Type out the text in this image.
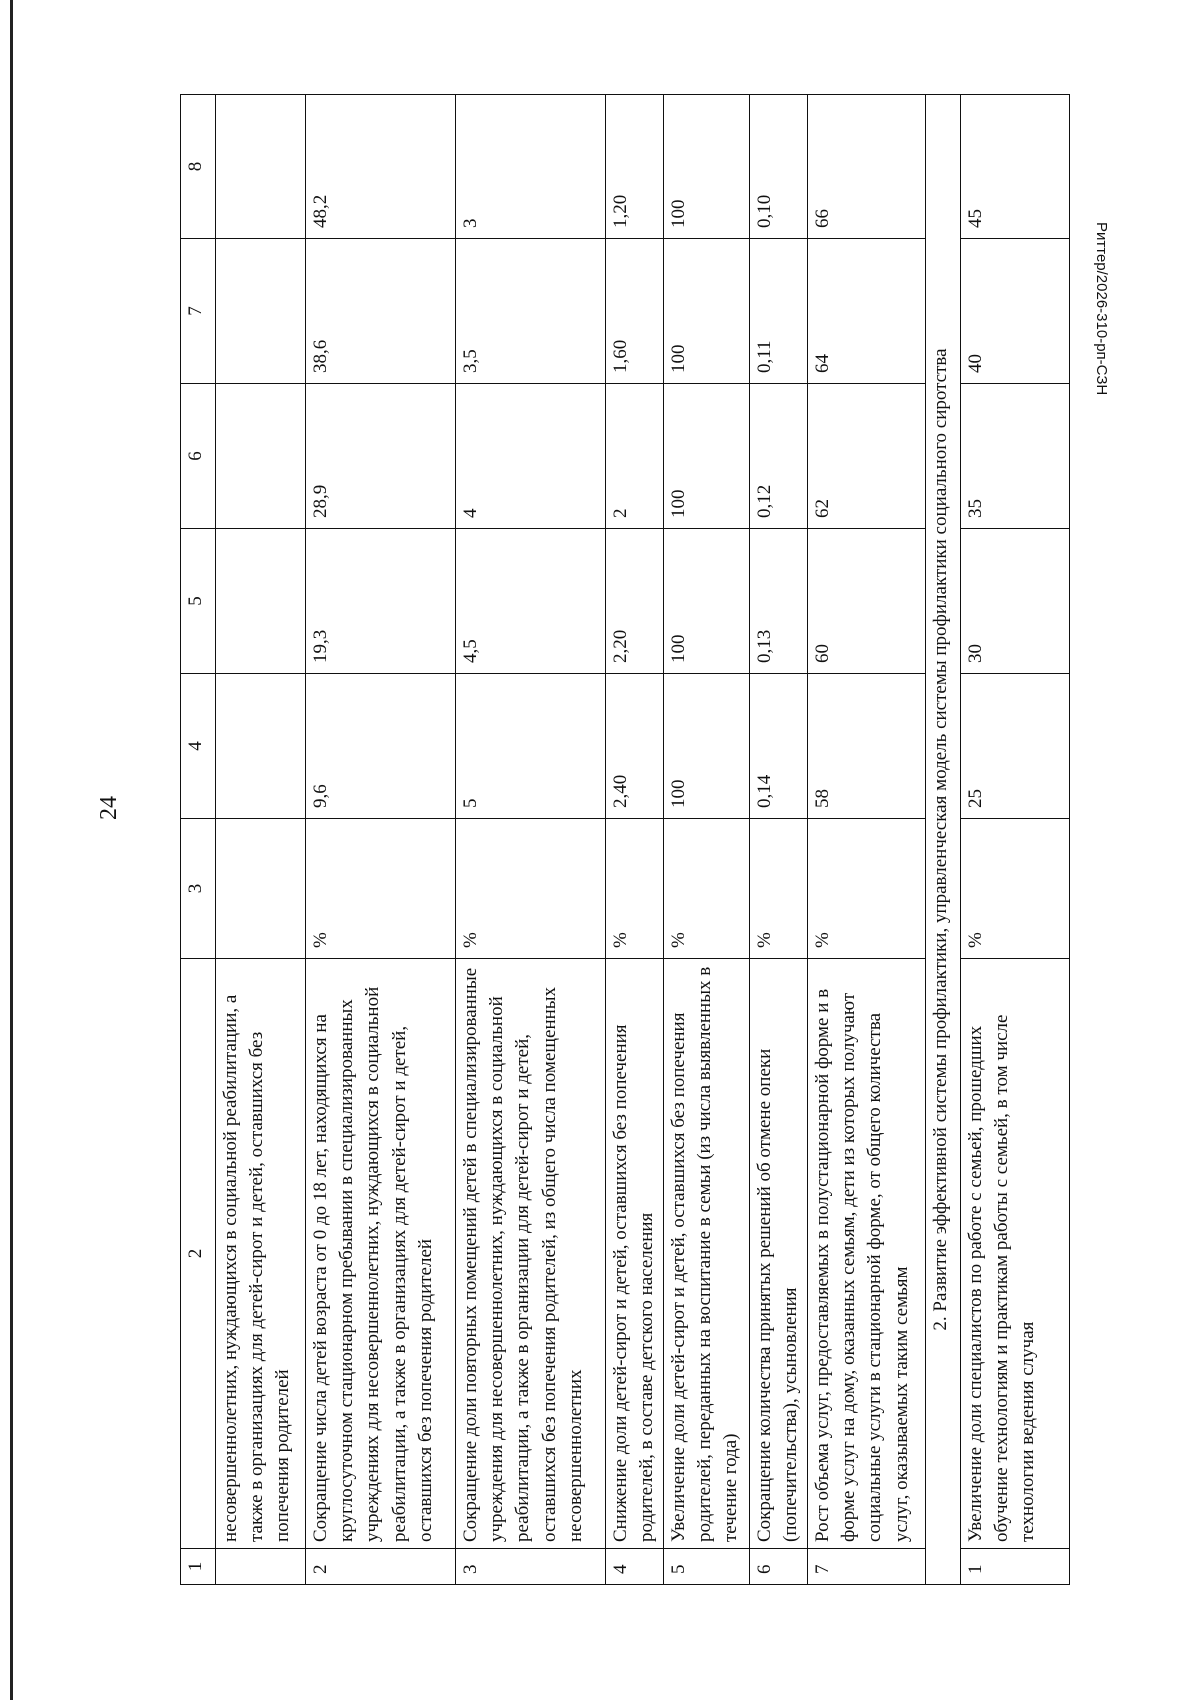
24
Риттер/2026-310-рп-СЗН
1	2	3	4	5	6	7	8
	несовершеннолетних, нуждающихся в социальной реабилитации, а также в организациях для детей-сирот и детей, оставшихся без попечения родителей						
2	Сокращение числа детей возраста от 0 до 18 лет, находящихся на круглосуточном стационарном пребывании в специализированных учреждениях для несовершеннолетних, нуждающихся в социальной реабилитации, а также в организациях для детей-сирот и детей, оставшихся без попечения родителей	%	9,6	19,3	28,9	38,6	48,2
3	Сокращение доли повторных помещений детей в специализированные учреждения для несовершеннолетних, нуждающихся в социальной реабилитации, а также в организации для детей-сирот и детей, оставшихся без попечения родителей, из общего числа помещенных несовершеннолетних	%	5	4,5	4	3,5	3
4	Снижение доли детей-сирот и детей, оставшихся без попечения родителей, в составе детского населения	%	2,40	2,20	2	1,60	1,20
5	Увеличение доли детей-сирот и детей, оставшихся без попечения родителей, переданных на воспитание в семьи (из числа выявленных в течение года)	%	100	100	100	100	100
6	Сокращение количества принятых решений об отмене опеки (попечительства), усыновления	%	0,14	0,13	0,12	0,11	0,10
7	Рост объема услуг, предоставляемых в полустационарной форме и в форме услуг на дому, оказанных семьям, дети из которых получают социальные услуги в стационарной форме, от общего количества услуг, оказываемых таким семьям	%	58	60	62	64	66
2. Развитие эффективной системы профилактики, управленческая модель системы профилактики социального сиротства							
1	Увеличение доли специалистов по работе с семьей, прошедших обучение технологиям и практикам работы с семьей, в том числе технологии ведения случая	%	25	30	35	40	45
